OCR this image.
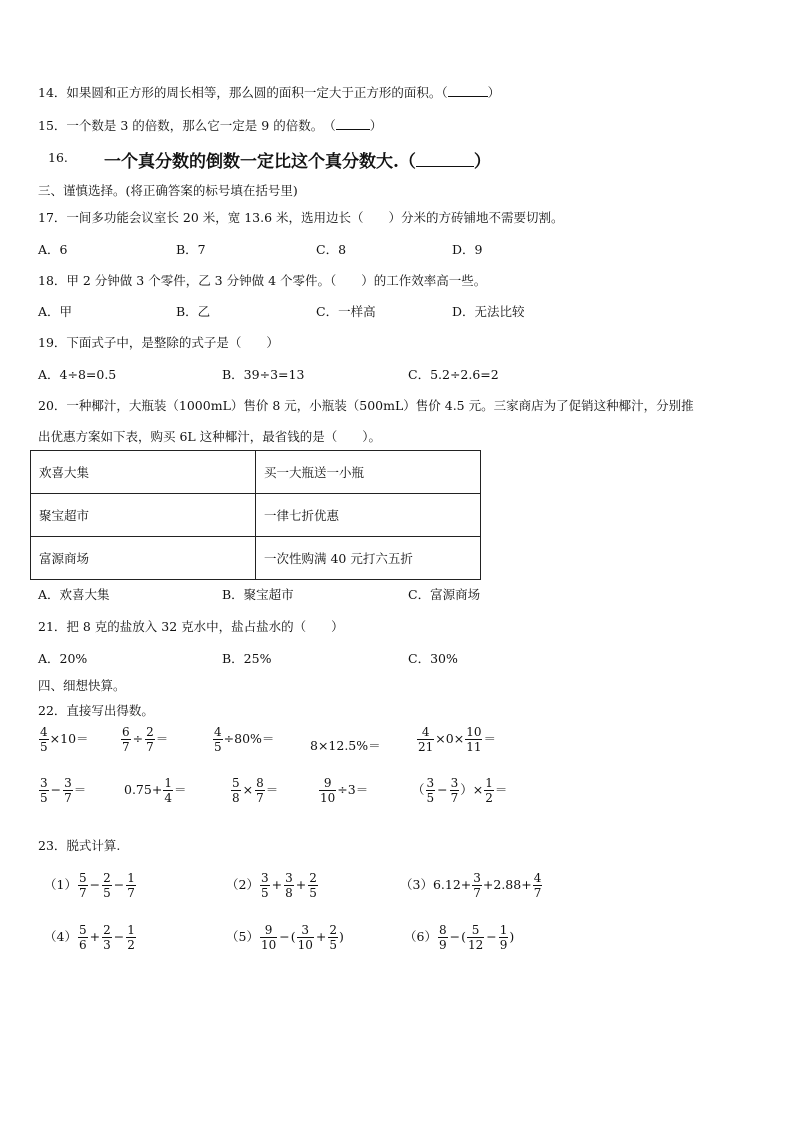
14．如果圆和正方形的周长相等，那么圆的面积一定大于正方形的面积。（	）
15．一个数是 3 的倍数，那么它一定是 9 的倍数。　（	）
16. 一个真分数的倒数一定比这个真分数大.（	）
三、谨慎选择。(将正确答案的标号填在括号里)
17．一间多功能会议室长 20 米，宽 13.6 米，选用边长（　　）分米的方砖铺地不需要切割。
A．6	B．7	C．8	D．9
18．甲 2 分钟做 3 个零件，乙 3 分钟做 4 个零件。（　　）的工作效率高一些。
A．甲	B．乙	C．一样高	D．无法比较
19．下面式子中，是整除的式子是（　　）
A．4÷8=0.5	B．39÷3=13	C．5.2÷2.6=2
20．一种椰汁，大瓶装（1000mL）售价 8 元，小瓶装（500mL）售价 4.5 元。三家商店为了促销这种椰汁，分别推
出优惠方案如下表，购买 6L 这种椰汁，最省钱的是（　　）。
欢喜大集	买一大瓶送一小瓶
聚宝超市	一律七折优惠
富源商场	一次性购满 40 元打六五折
A．欢喜大集	B．聚宝超市	C．富源商场
21．把 8 克的盐放入 32 克水中，盐占盐水的（　　）
A．20%	B．25%	C．30%
四、细想快算。
22．直接写出得数。
$\frac{4}{5} \times 10=$	$\frac{6}{7} \div \frac{2}{7}$ ＝	$\frac{4}{5} \div 80\%=$	8×12.5%＝	$\frac{4}{21} \times 0\times \frac{10}{11}$ ＝
$\frac{3}{5} - \frac{3}{7}$ ＝	$0.75+ \frac{1}{4}$ ＝	$\frac{5}{8} \times \frac{8}{7}$ ＝	$\frac{9}{10} \div 3=$	（ $\frac{3}{5} - \frac{3}{7}$ ）× $\frac{1}{2}$ ＝
23．脱式计算.
$(1) \frac{5}{7} - \frac{2}{5} - \frac{1}{7}$	$(2) \frac{3}{5} + \frac{3}{8} + \frac{2}{5}$	$(3)6.12+ \frac{3}{7} +2.88+ \frac{4}{7}$
$(4) \frac{5}{6} + \frac{2}{3} - \frac{1}{2}$	$(5) \frac{9}{10}$ −( $\frac{3}{10} + \frac{2}{5}$ )	$(6) \frac{8}{9}$ −( $\frac{5}{12} - \frac{1}{9}$ )
